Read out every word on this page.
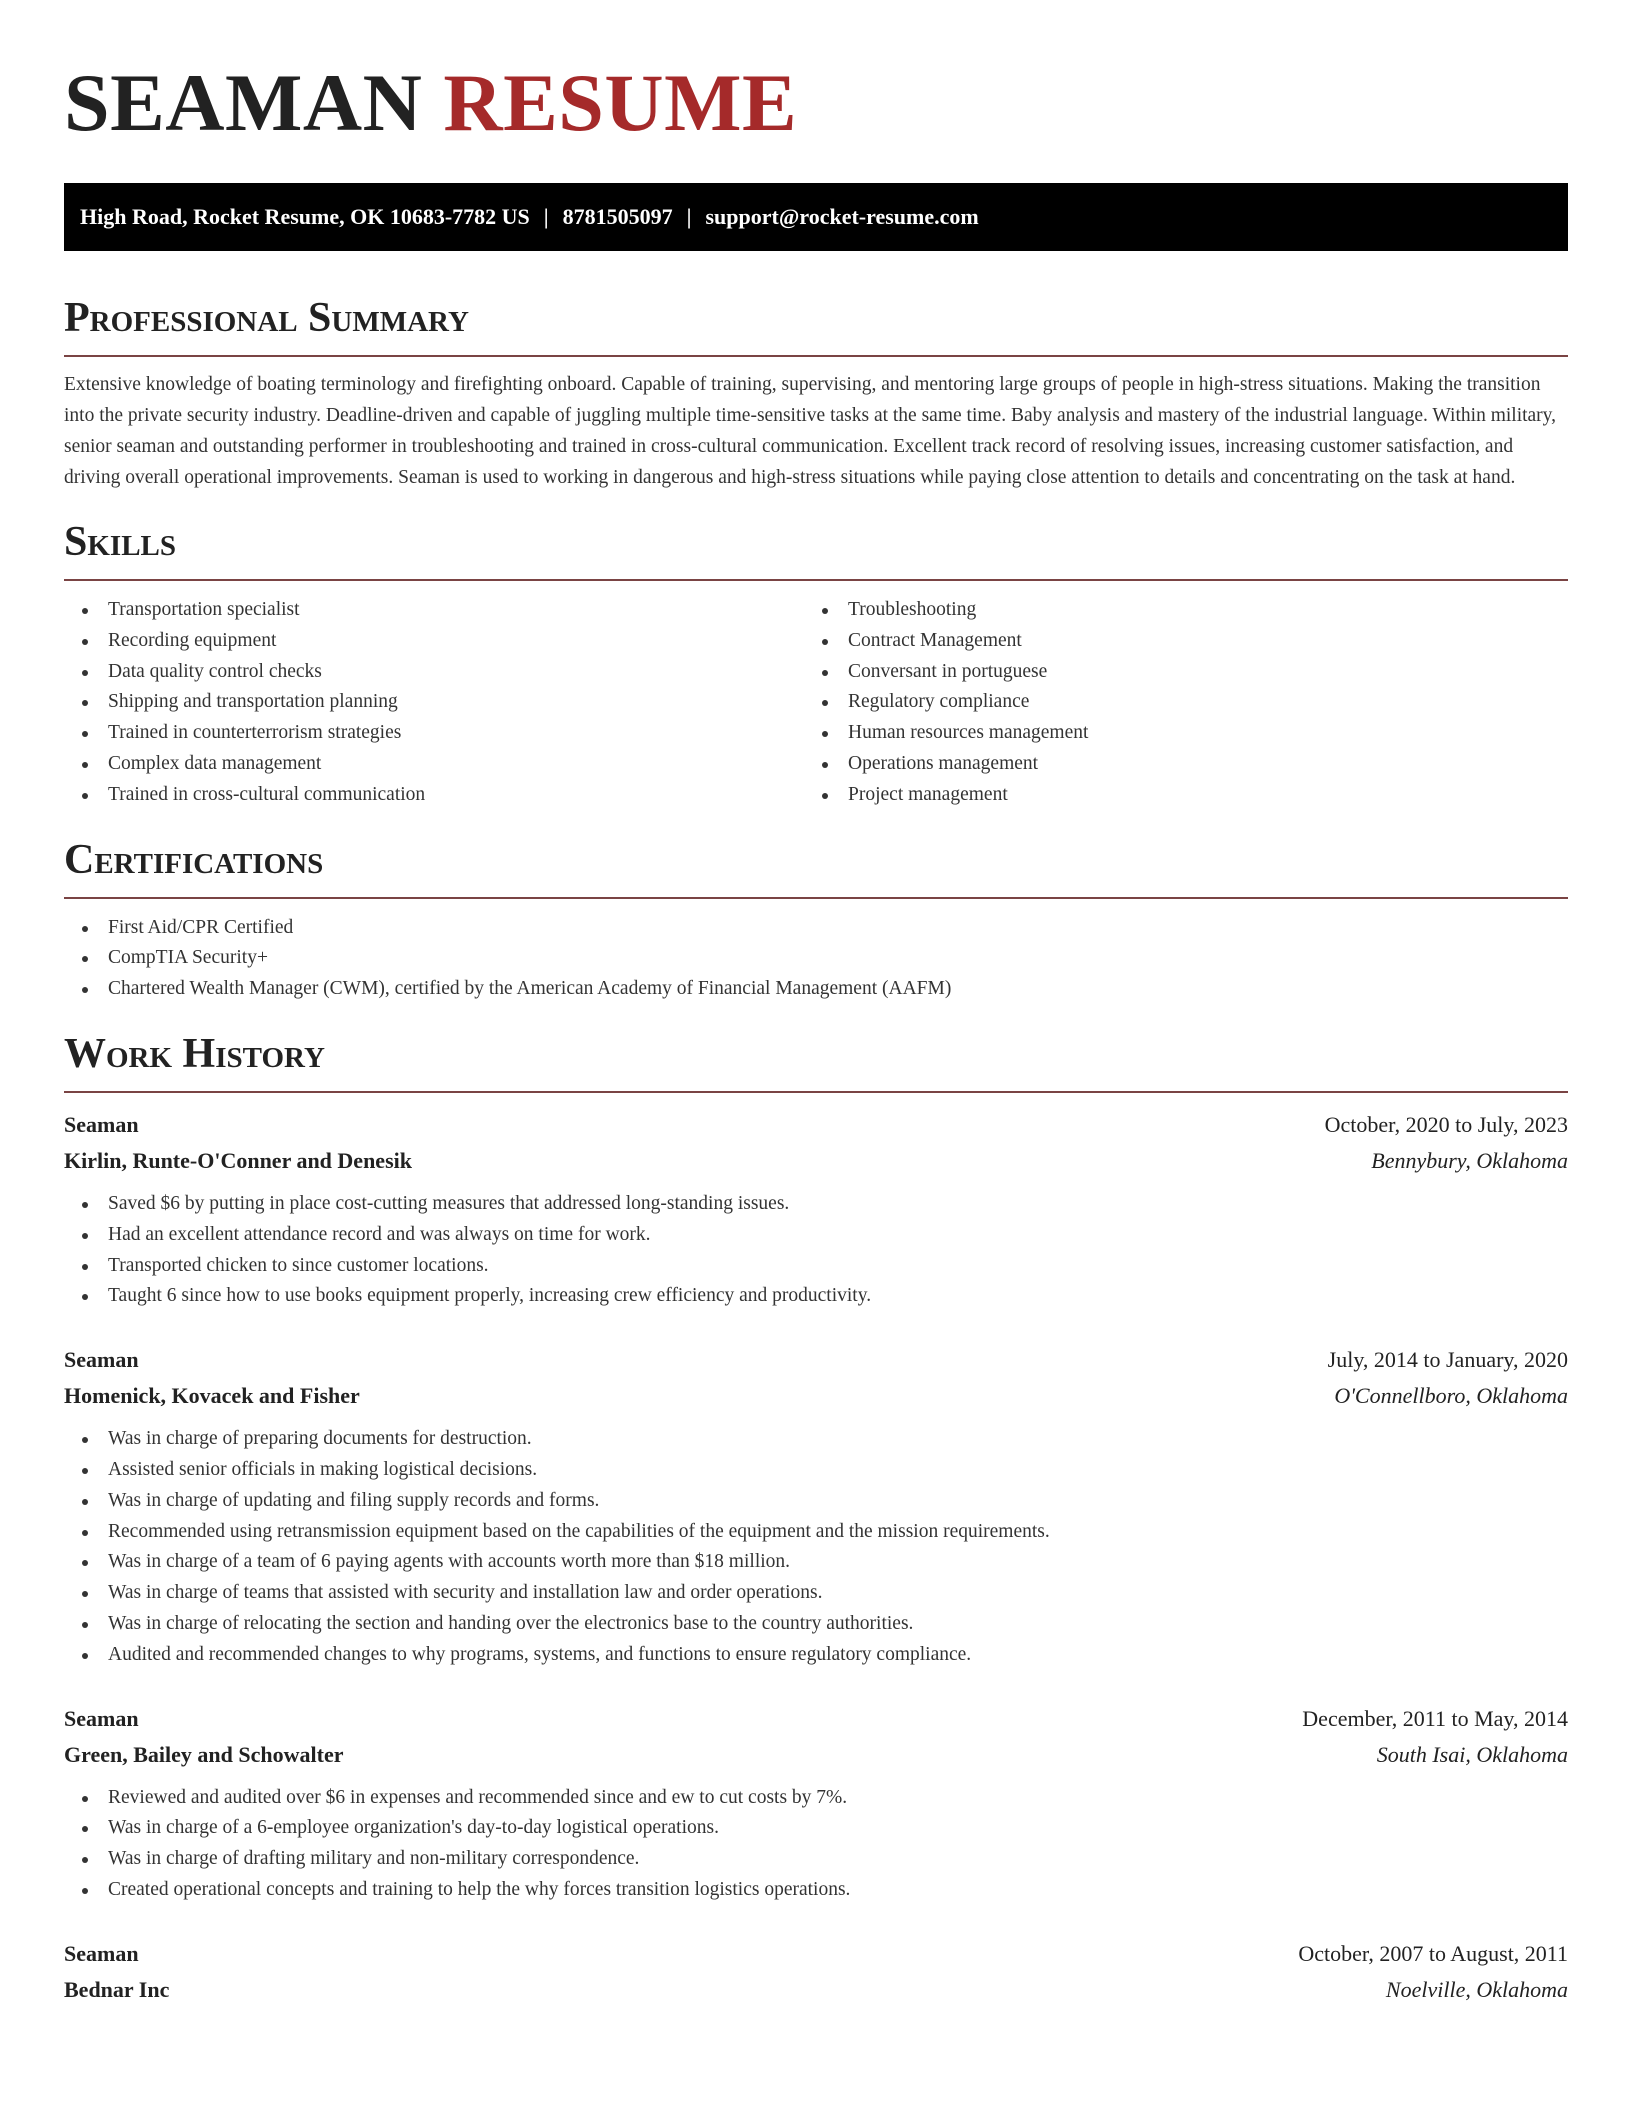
SEAMAN RESUME
High Road, Rocket Resume, OK 10683-7782 US | 8781505097 | support@rocket-resume.com
Professional Summary

Extensive knowledge of boating terminology and firefighting onboard. Capable of training, supervising, and mentoring large groups of people in high-stress situations. Making the transition into the private security industry. Deadline-driven and capable of juggling multiple time-sensitive tasks at the same time. Baby analysis and mastery of the industrial language. Within military, senior seaman and outstanding performer in troubleshooting and trained in cross-cultural communication. Excellent track record of resolving issues, increasing customer satisfaction, and driving overall operational improvements. Seaman is used to working in dangerous and high-stress situations while paying close attention to details and concentrating on the task at hand.

Skills
Transportation specialist
Recording equipment
Data quality control checks
Shipping and transportation planning
Trained in counterterrorism strategies
Complex data management
Trained in cross-cultural communication
Troubleshooting
Contract Management
Conversant in portuguese
Regulatory compliance
Human resources management
Operations management
Project management
Certifications
First Aid/CPR Certified
CompTIA Security+
Chartered Wealth Manager (CWM), certified by the American Academy of Financial Management (AAFM)
Work History
Seaman	October, 2020 to July, 2023
Kirlin, Runte-O'Conner and Denesik	Bennybury, Oklahoma
Saved $6 by putting in place cost-cutting measures that addressed long-standing issues.
Had an excellent attendance record and was always on time for work.
Transported chicken to since customer locations.
Taught 6 since how to use books equipment properly, increasing crew efficiency and productivity.
Seaman	July, 2014 to January, 2020
Homenick, Kovacek and Fisher	O'Connellboro, Oklahoma
Was in charge of preparing documents for destruction.
Assisted senior officials in making logistical decisions.
Was in charge of updating and filing supply records and forms.
Recommended using retransmission equipment based on the capabilities of the equipment and the mission requirements.
Was in charge of a team of 6 paying agents with accounts worth more than $18 million.
Was in charge of teams that assisted with security and installation law and order operations.
Was in charge of relocating the section and handing over the electronics base to the country authorities.
Audited and recommended changes to why programs, systems, and functions to ensure regulatory compliance.
Seaman	December, 2011 to May, 2014
Green, Bailey and Schowalter	South Isai, Oklahoma
Reviewed and audited over $6 in expenses and recommended since and ew to cut costs by 7%.
Was in charge of a 6-employee organization's day-to-day logistical operations.
Was in charge of drafting military and non-military correspondence.
Created operational concepts and training to help the why forces transition logistics operations.
Seaman	October, 2007 to August, 2011
Bednar Inc	Noelville, Oklahoma
